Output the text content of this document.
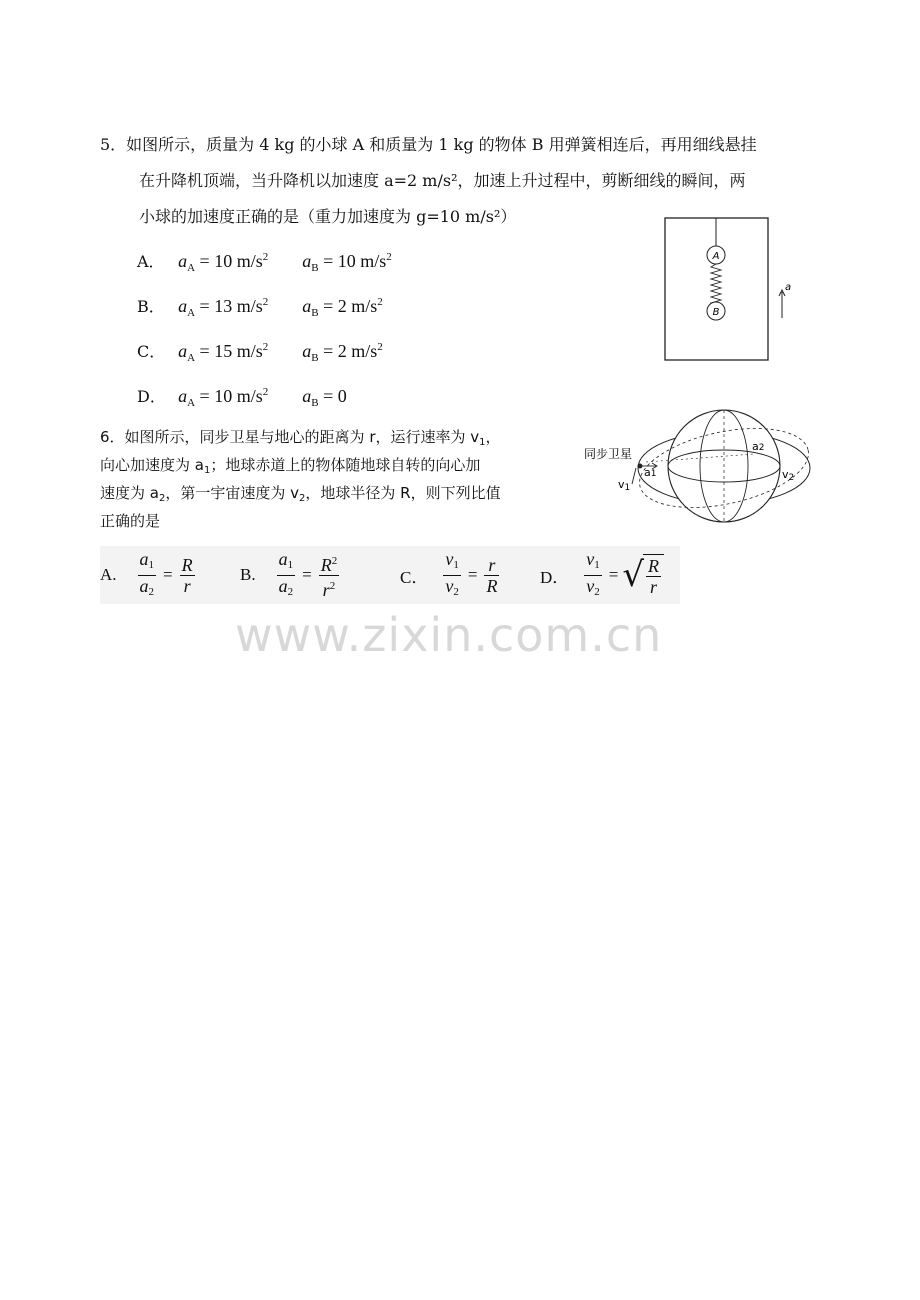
5．如图所示，质量为 4 kg 的小球 A 和质量为 1 kg 的物体 B 用弹簧相连后，再用细线悬挂
在升降机顶端，当升降机以加速度 a=2 m/s²，加速上升过程中，剪断细线的瞬间，两
小球的加速度正确的是（重力加速度为 g=10 m/s²）
A． $a_A = 10$ $m/s^2$ $a_B = 10$ $m/s^2$
B． $a_A = 13$ $m/s^2$ $a_B = 2$ $m/s^2$
C． $a_A = 15$ $m/s^2$ $a_B = 2$ $m/s^2$
D． $a_A = 10$ $m/s^2$ $a_B = 0$
A
B
a
6．如图所示，同步卫星与地心的距离为 r，运行速率为 $v_1$，
向心加速度为 $a_1$；地球赤道上的物体随地球自转的向心加
速度为 $a_2$，第一宇宙速度为 $v_2$，地球半径为 R，则下列比值
正确的是
同步卫星
a1
v1
a2
v2
A. $\frac{a_1}{a_2} = \frac{R}{r}$	B. $\frac{a_1}{a_2} = \frac{R^2}{r^2}$	C． $\frac{v_1}{v_2} = \frac{r}{R}$ D． $\frac{v_1}{v_2}$ = √ $\frac{R}{r}$
www.zixin.com.cn
